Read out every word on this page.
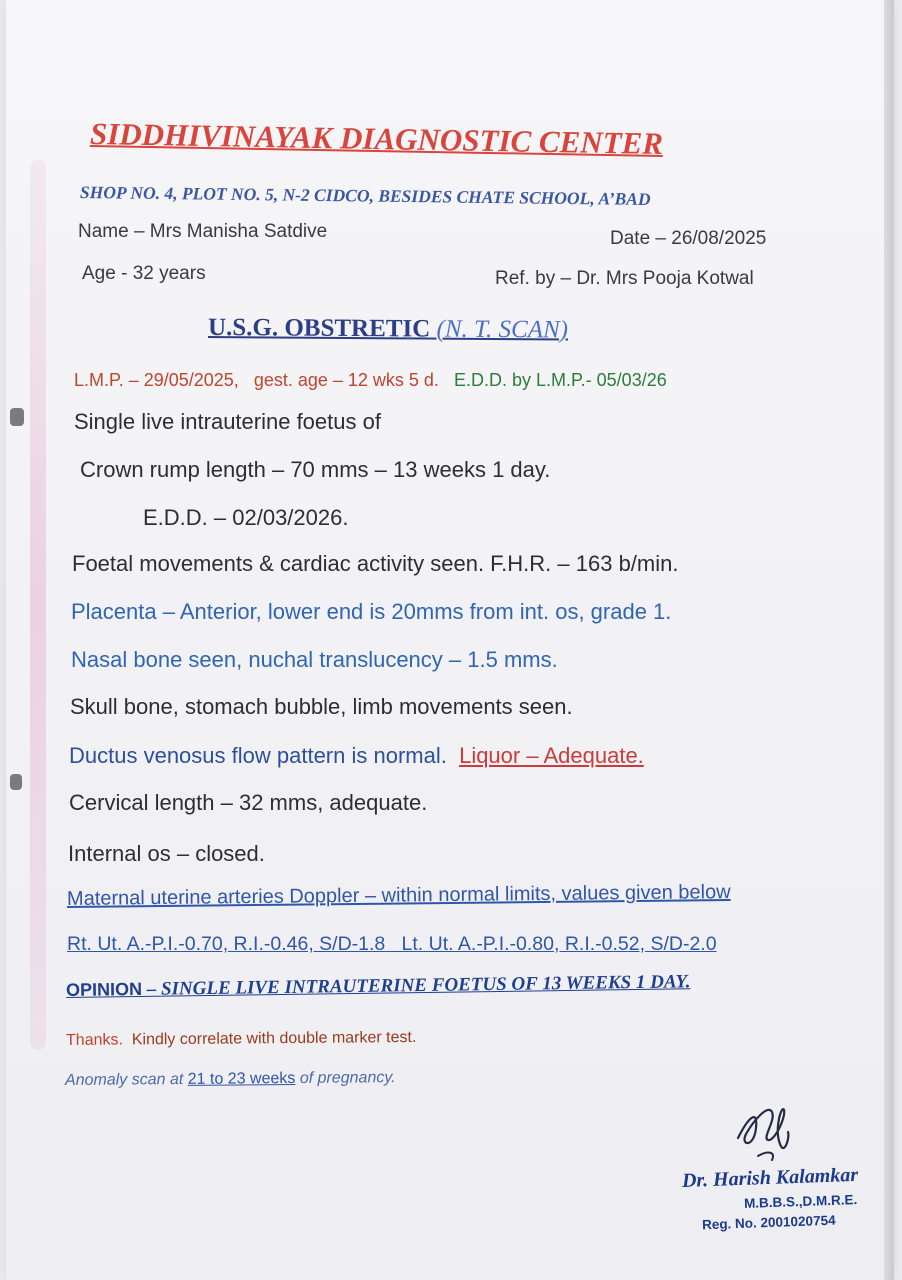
SIDDHIVINAYAK DIAGNOSTIC CENTER
SHOP NO. 4, PLOT NO. 5, N-2 CIDCO, BESIDES CHATE SCHOOL, A’BAD
Name – Mrs Manisha Satdive	Date – 26/08/2025
Age - 32 years	Ref. by – Dr. Mrs Pooja Kotwal
U.S.G. OBSTRETIC (N. T. SCAN)
L.M.P. – 29/05/2025, gest. age – 12 wks 5 d. E.D.D. by L.M.P.- 05/03/26
Single live intrauterine foetus of
Crown rump length – 70 mms – 13 weeks 1 day.
E.D.D. – 02/03/2026.
Foetal movements & cardiac activity seen. F.H.R. – 163 b/min.
Placenta – Anterior, lower end is 20mms from int. os, grade 1.
Nasal bone seen, nuchal translucency – 1.5 mms.
Skull bone, stomach bubble, limb movements seen.
Ductus venosus flow pattern is normal. Liquor – Adequate.
Cervical length – 32 mms, adequate.
Internal os – closed.
Maternal uterine arteries Doppler – within normal limits, values given below
Rt. Ut. A.-P.I.-0.70, R.I.-0.46, S/D-1.8 Lt. Ut. A.-P.I.-0.80, R.I.-0.52, S/D-2.0
OPINION – SINGLE LIVE INTRAUTERINE FOETUS OF 13 WEEKS 1 DAY.
Thanks. Kindly correlate with double marker test.
Anomaly scan at 21 to 23 weeks of pregnancy.
Dr. Harish Kalamkar
M.B.B.S.,D.M.R.E.
Reg. No. 2001020754
